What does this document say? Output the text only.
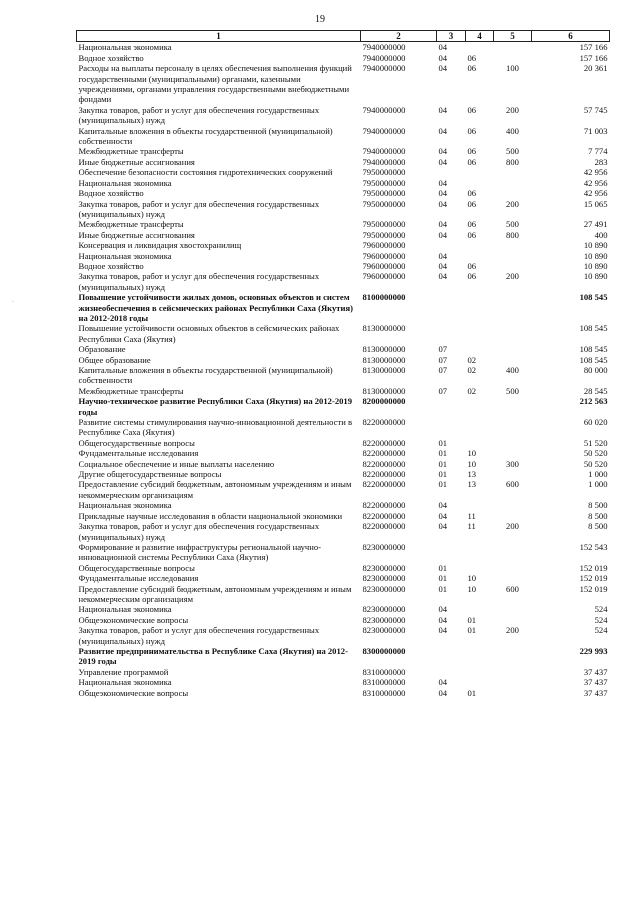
19
1	2	3	4	5	6
Национальная экономика	7940000000	04			157 166
Водное хозяйство	7940000000	04	06		157 166
Расходы на выплаты персоналу в целях обеспечения выполнения функций государственными (муниципальными) органами, казенными учреждениями, органами управления государственными внебюджетными фондами	7940000000	04	06	100	20 361
Закупка товаров, работ и услуг для обеспечения государственных (муниципальных) нужд	7940000000	04	06	200	57 745
Капитальные вложения в объекты государственной (муниципальной) собственности	7940000000	04	06	400	71 003
Межбюджетные трансферты	7940000000	04	06	500	7 774
Иные бюджетные ассигнования	7940000000	04	06	800	283
Обеспечение безопасности состояния гидротехнических сооружений	7950000000				42 956
Национальная экономика	7950000000	04			42 956
Водное хозяйство	7950000000	04	06		42 956
Закупка товаров, работ и услуг для обеспечения государственных (муниципальных) нужд	7950000000	04	06	200	15 065
Межбюджетные трансферты	7950000000	04	06	500	27 491
Иные бюджетные ассигнования	7950000000	04	06	800	400
Консервация и ликвидация хвостохранилищ	7960000000				10 890
Национальная экономика	7960000000	04			10 890
Водное хозяйство	7960000000	04	06		10 890
Закупка товаров, работ и услуг для обеспечения государственных (муниципальных) нужд	7960000000	04	06	200	10 890
Повышение устойчивости жилых домов, основных объектов и систем жизнеобеспечения в сейсмических районах Республики Саха (Якутия) на 2012-2018 годы	8100000000				108 545
Повышение устойчивости основных объектов в сейсмических районах Республики Саха (Якутия)	8130000000				108 545
Образование	8130000000	07			108 545
Общее образование	8130000000	07	02		108 545
Капитальные вложения в объекты государственной (муниципальной) собственности	8130000000	07	02	400	80 000
Межбюджетные трансферты	8130000000	07	02	500	28 545
Научно-техническое развитие Республики Саха (Якутия) на 2012-2019 годы	8200000000				212 563
Развитие системы стимулирования научно-инновационной деятельности в Республике Саха (Якутия)	8220000000				60 020
Общегосударственные вопросы	8220000000	01			51 520
Фундаментальные исследования	8220000000	01	10		50 520
Социальное обеспечение и иные выплаты населению	8220000000	01	10	300	50 520
Другие общегосударственные вопросы	8220000000	01	13		1 000
Предоставление субсидий бюджетным, автономным учреждениям и иным некоммерческим организациям	8220000000	01	13	600	1 000
Национальная экономика	8220000000	04			8 500
Прикладные научные исследования в области национальной экономики	8220000000	04	11		8 500
Закупка товаров, работ и услуг для обеспечения государственных (муниципальных) нужд	8220000000	04	11	200	8 500
Формирование и развитие инфраструктуры региональной научно-инновационной системы Республики Саха (Якутия)	8230000000				152 543
Общегосударственные вопросы	8230000000	01			152 019
Фундаментальные исследования	8230000000	01	10		152 019
Предоставление субсидий бюджетным, автономным учреждениям и иным некоммерческим организациям	8230000000	01	10	600	152 019
Национальная экономика	8230000000	04			524
Общеэкономические вопросы	8230000000	04	01		524
Закупка товаров, работ и услуг для обеспечения государственных (муниципальных) нужд	8230000000	04	01	200	524
Развитие предпринимательства в Республике Саха (Якутия) на 2012-2019 годы	8300000000				229 993
Управление программой	8310000000				37 437
Национальная экономика	8310000000	04			37 437
Общеэкономические вопросы	8310000000	04	01		37 437
.
